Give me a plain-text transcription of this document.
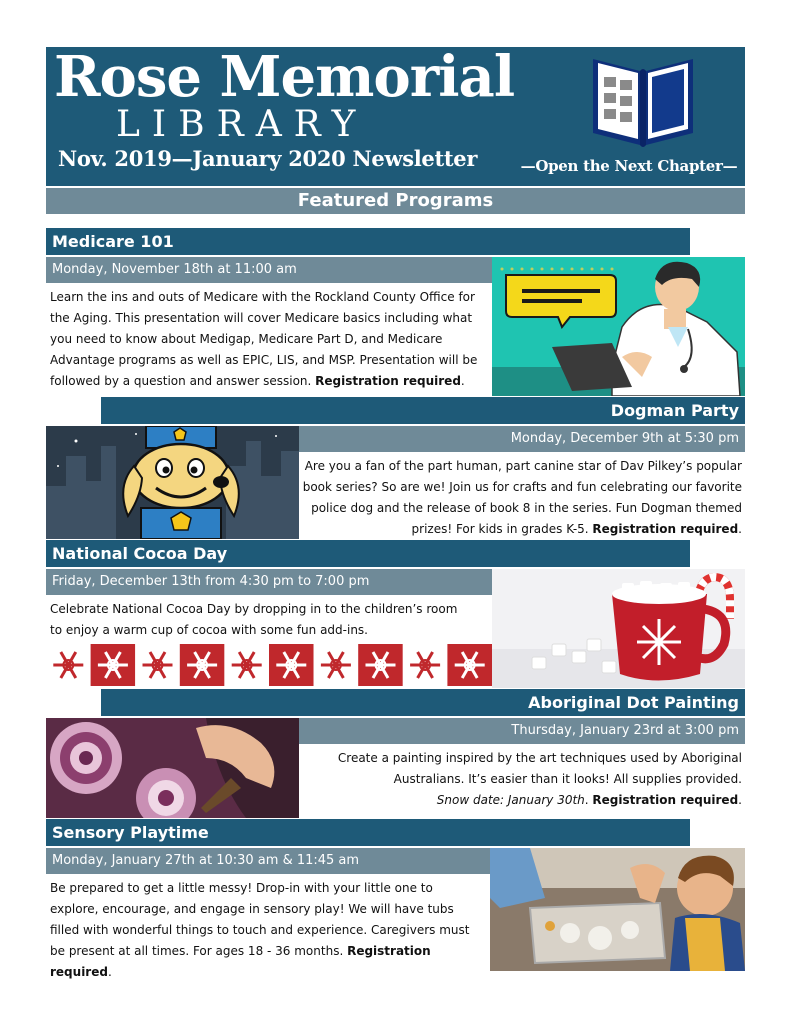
Rose Memorial
LIBRARY
Nov. 2019—January 2020 Newsletter	—Open the Next Chapter—
Featured Programs
Medicare 101
Monday, November 18th at 11:00 am
Learn the ins and outs of Medicare with the Rockland County Office for the Aging. This presentation will cover Medicare basics including what you need to know about Medigap, Medicare Part D, and Medicare Advantage programs as well as EPIC, LIS, and MSP. Presentation will be followed by a question and answer session. Registration required.
Dogman Party
Monday, December 9th at 5:30 pm
Are you a fan of the part human, part canine star of Dav Pilkey’s popular book series? So are we! Join us for crafts and fun celebrating our favorite police dog and the release of book 8 in the series. Fun Dogman themed prizes! For kids in grades K-5. Registration required.
National Cocoa Day
Friday, December 13th from 4:30 pm to 7:00 pm
Celebrate National Cocoa Day by dropping in to the children’s room to enjoy a warm cup of cocoa with some fun add-ins.
Aboriginal Dot Painting
Thursday, January 23rd at 3:00 pm
Create a painting inspired by the art techniques used by Aboriginal Australians. It’s easier than it looks! All supplies provided.
Snow date: January 30th. Registration required.
Sensory Playtime
Monday, January 27th at 10:30 am & 11:45 am
Be prepared to get a little messy! Drop-in with your little one to explore, encourage, and engage in sensory play! We will have tubs filled with wonderful things to touch and experience. Caregivers must be present at all times. For ages 18 - 36 months. Registration required.
